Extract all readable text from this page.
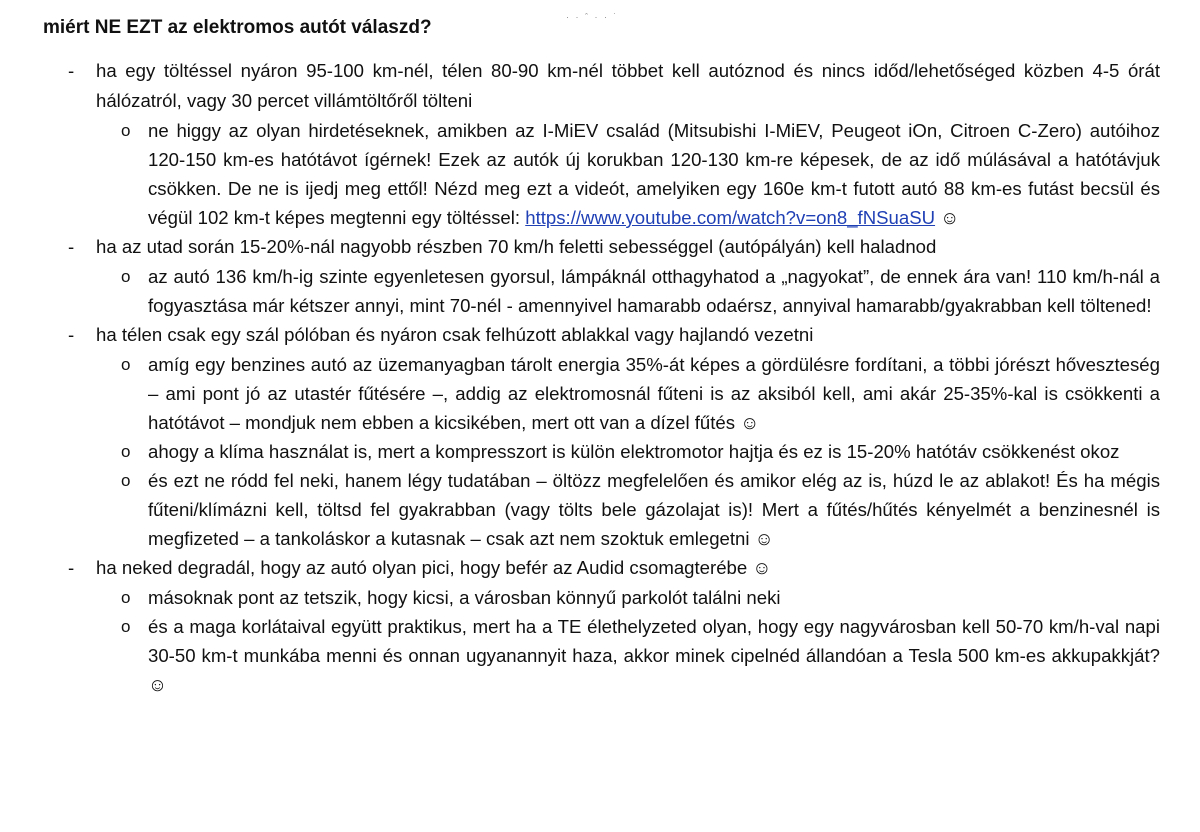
miért NE EZT az elektromos autót válaszd?	· · ˆ · · ˙
-	ha egy töltéssel nyáron 95-100 km-nél, télen 80-90 km-nél többet kell autóznod és nincs időd/lehetőséged közben 4-5 órát hálózatról, vagy 30 percet villámtöltőről tölteni
o ne higgy az olyan hirdetéseknek, amikben az I-MiEV család (Mitsubishi I-MiEV, Peugeot iOn, Citroen C-Zero) autóihoz 120-150 km-es hatótávot ígérnek! Ezek az autók új korukban 120-130 km-re képesek, de az idő múlásával a hatótávjuk csökken. De ne is ijedj meg ettől! Nézd meg ezt a videót, amelyiken egy 160e km-t futott autó 88 km-es futást becsül és végül 102 km-t képes megtenni egy töltéssel: https://www.youtube.com/watch?v=on8_fNSuaSU ☺
-	ha az utad során 15-20%-nál nagyobb részben 70 km/h feletti sebességgel (autópályán) kell haladnod
o az autó 136 km/h-ig szinte egyenletesen gyorsul, lámpáknál otthagyhatod a „nagyokat”, de ennek ára van! 110 km/h-nál a fogyasztása már kétszer annyi, mint 70-nél - amennyivel hamarabb odaérsz, annyival hamarabb/gyakrabban kell töltened!
-	ha télen csak egy szál pólóban és nyáron csak felhúzott ablakkal vagy hajlandó vezetni
o amíg egy benzines autó az üzemanyagban tárolt energia 35%-át képes a gördülésre fordítani, a többi jórészt hőveszteség – ami pont jó az utastér fűtésére –, addig az elektromosnál fűteni is az aksiból kell, ami akár 25-35%-kal is csökkenti a hatótávot – mondjuk nem ebben a kicsikében, mert ott van a dízel fűtés ☺
o ahogy a klíma használat is, mert a kompresszort is külön elektromotor hajtja és ez is 15-20% hatótáv csökkenést okoz
o és ezt ne ródd fel neki, hanem légy tudatában – öltözz megfelelően és amikor elég az is, húzd le az ablakot! És ha mégis fűteni/klímázni kell, töltsd fel gyakrabban (vagy tölts bele gázolajat is)! Mert a fűtés/hűtés kényelmét a benzinesnél is megfizeted – a tankoláskor a kutasnak – csak azt nem szoktuk emlegetni ☺
-	ha neked degradál, hogy az autó olyan pici, hogy befér az Audid csomagterébe ☺
o másoknak pont az tetszik, hogy kicsi, a városban könnyű parkolót találni neki
o és a maga korlátaival együtt praktikus, mert ha a TE élethelyzeted olyan, hogy egy nagyvárosban kell 50-70 km/h-val napi 30-50 km-t munkába menni és onnan ugyanannyit haza, akkor minek cipelnéd állandóan a Tesla 500 km-es akkupakkját? ☺
